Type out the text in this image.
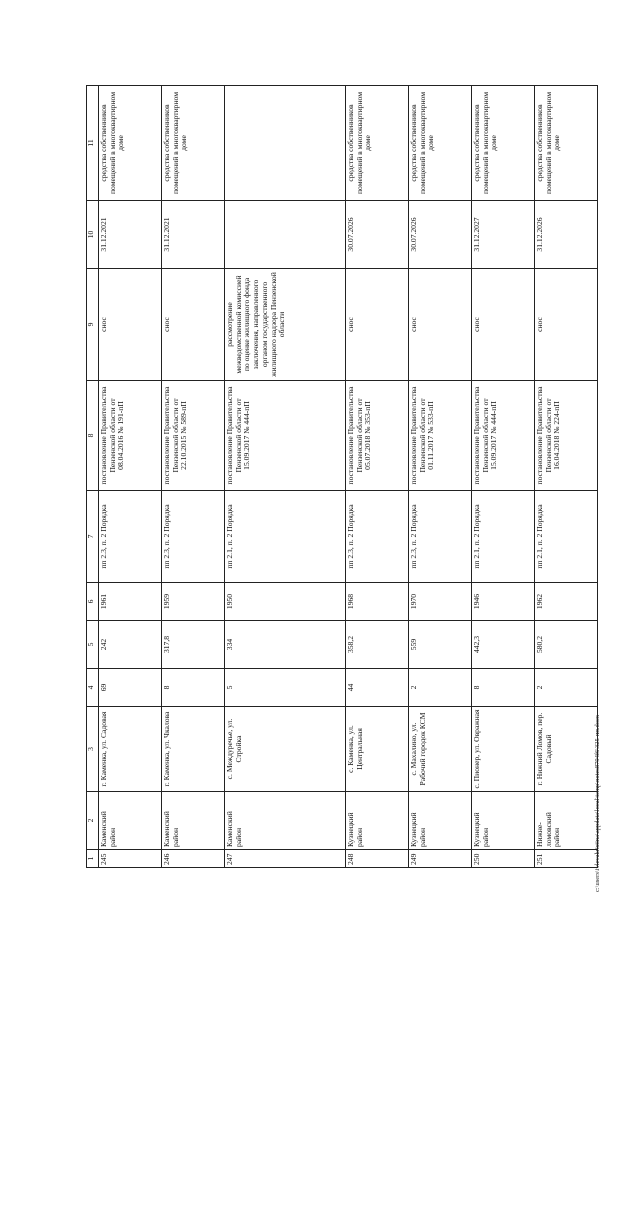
1	2	3	4	5	6	7	8	9	10	11
245	Каменский район	г. Каменка, ул. Садовая	69	242	1961	пп 2.3, п. 2 Порядка	постановление Правительства Пензенской области от 08.04.2016 № 191-пП	снос	31.12.2021	средства собственников помещений в многоквартирном доме
246	Каменский район	г. Каменка, ул. Чкалова	8	317,8	1959	пп 2.3, п. 2 Порядка	постановление Правительства Пензенской области от 22.10.2015 № 589-пП	снос	31.12.2021	средства собственников помещений в многоквартирном доме
247	Каменский район	с. Междуречье, ул. Стройка	5	334	1950	пп 2.1, п. 2 Порядка	постановление Правительства Пензенской области от 15.09.2017 № 444-пП	рассмотрение межведомственной комиссией по оценке жилищного фонда заключения, направленного органом государственного жилищного надзора Пензенской области		
248	Кузнецкий район	с. Каменка, ул. Центральная	44	358,2	1968	пп 2.3, п. 2 Порядка	постановление Правительства Пензенской области от 05.07.2018 № 353-пП	снос	30.07.2026	средства собственников помещений в многоквартирном доме
249	Кузнецкий район	с. Махалино, ул. Рабочий городок КСМ	2	559	1970	пп 2.3, п. 2 Порядка	постановление Правительства Пензенской области от 01.11.2017 № 533-пП	снос	30.07.2026	средства собственников помещений в многоквартирном доме
250	Кузнецкий район	с. Пионер, ул. Овражная	8	442,3	1946	пп 2.1, п. 2 Порядка	постановление Правительства Пензенской области от 15.09.2017 № 444-пП	снос	31.12.2027	средства собственников помещений в многоквартирном доме
251	Нижне-ломовский район	г. Нижний Ломов, пер. Садовый	2	580,2	1962	пп 2.1, п. 2 Порядка	постановление Правительства Пензенской области от 16.04.2018 № 224-пП	снос	31.12.2026	средства собственников помещений в многоквартирном доме
c:\users\ivlevakristina\appdata\local\temp\notes8794f6\325-пп.docx
